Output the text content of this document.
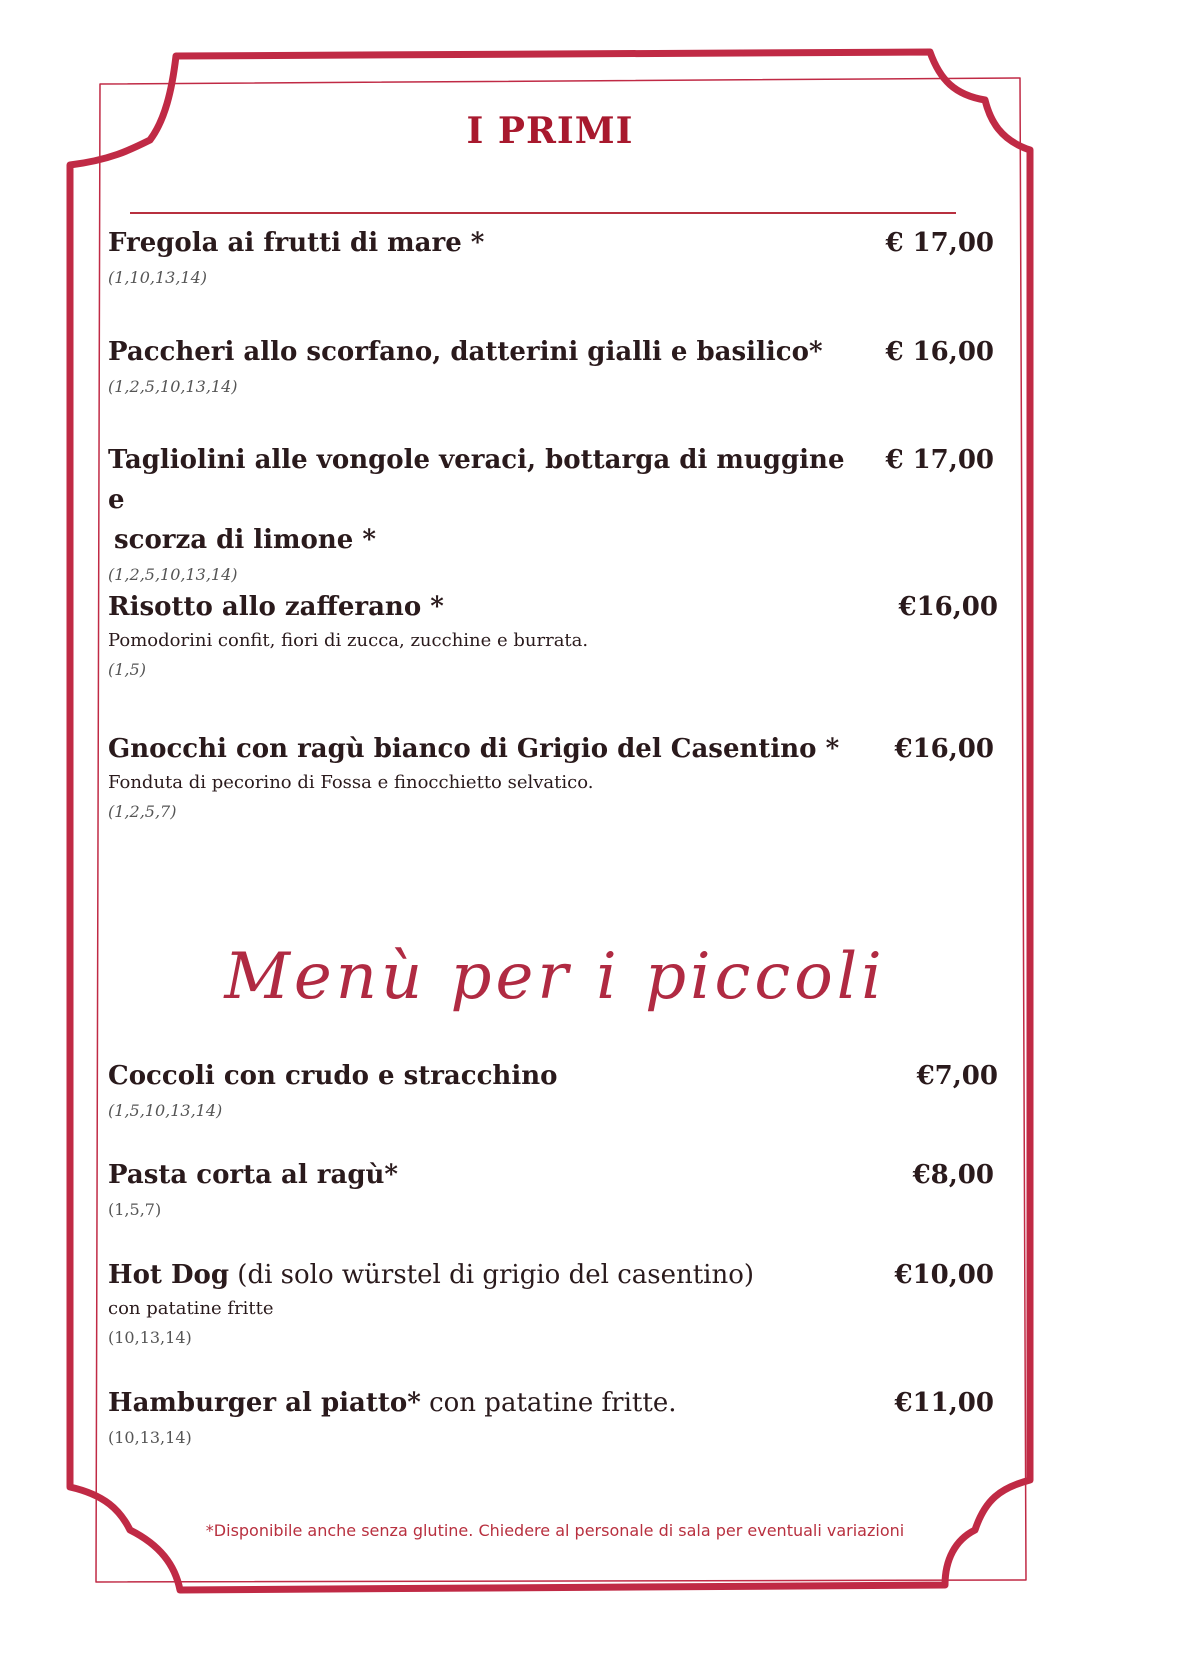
I PRIMI
Fregola ai frutti di mare *	€ 17,00
(1,10,13,14)
Paccheri allo scorfano, datterini gialli e basilico*	€ 16,00
(1,2,5,10,13,14)
Tagliolini alle vongole veraci, bottarga di muggine e
scorza di limone *
€ 17,00
(1,2,5,10,13,14)
Risotto allo zafferano *	€16,00
Pomodorini confit, fiori di zucca, zucchine e burrata.
(1,5)
Gnocchi con ragù bianco di Grigio del Casentino *	€16,00
Fonduta di pecorino di Fossa e finocchietto selvatico.
(1,2,5,7)
Menù per i piccoli
Coccoli con crudo e stracchino	€7,00
(1,5,10,13,14)
Pasta corta al ragù*	€8,00
(1,5,7)
Hot Dog (di solo würstel di grigio del casentino)	€10,00
con patatine fritte
(10,13,14)
Hamburger al piatto* con patatine fritte.	€11,00
(10,13,14)
*Disponibile anche senza glutine. Chiedere al personale di sala per eventuali variazioni
